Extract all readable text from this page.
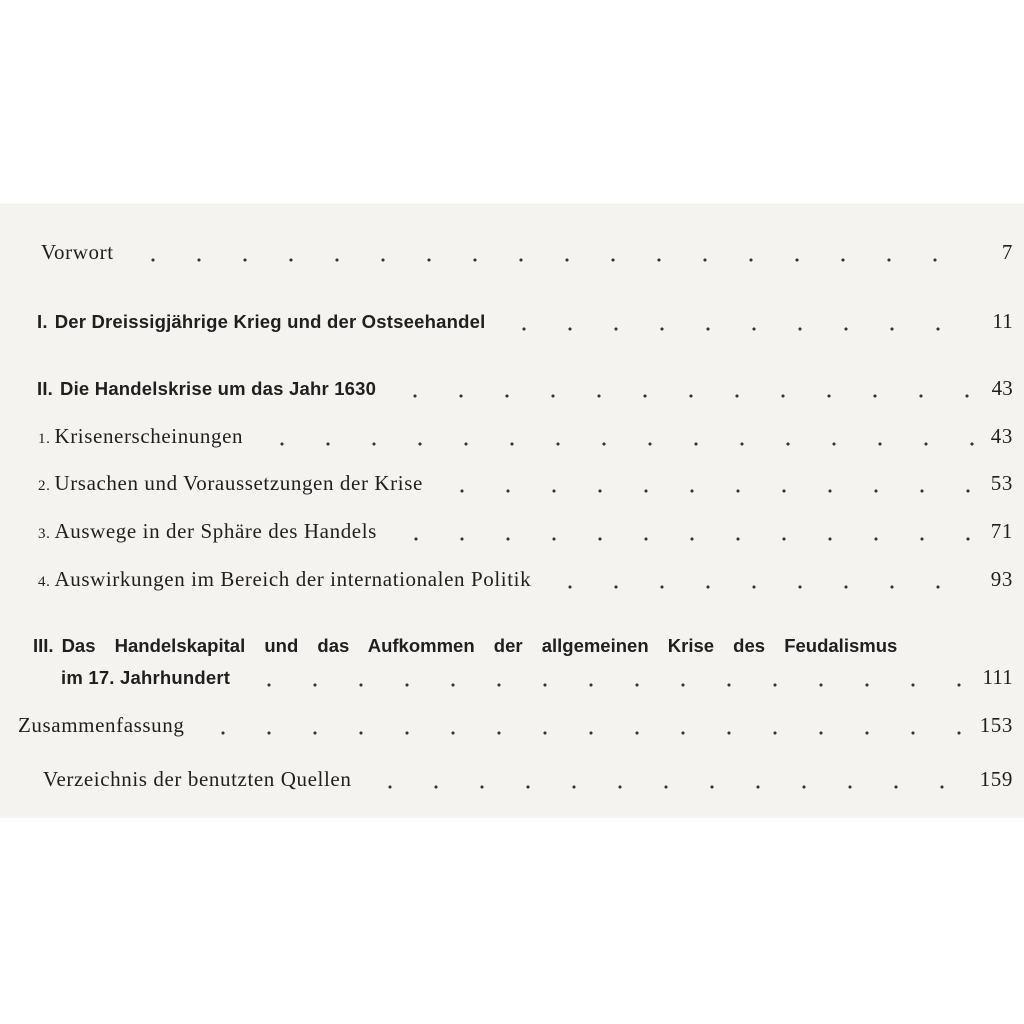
Vorwort	7
I. Der Dreissigjährige Krieg und der Ostseehandel	11
II. Die Handelskrise um das Jahr 1630	43
1. Krisenerscheinungen	43
2. Ursachen und Voraussetzungen der Krise	53
3. Auswege in der Sphäre des Handels	71
4. Auswirkungen im Bereich der internationalen Politik	93
III. Das Handelskapital und das Aufkommen der allgemeinen Krise des Feudalismus
im 17. Jahrhundert	111
Zusammenfassung	153
Verzeichnis der benutzten Quellen	159
